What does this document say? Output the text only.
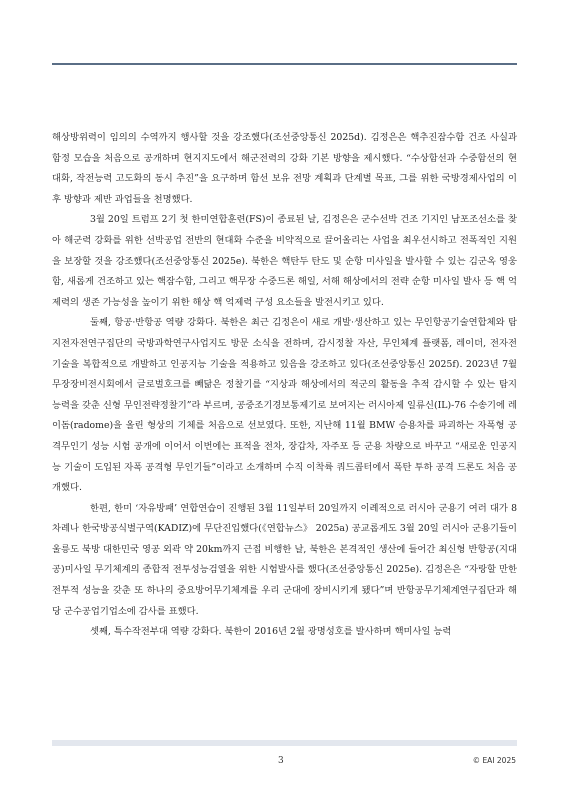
해상방위력이 임의의 수역까지 행사할 것을 강조했다(조선중앙통신 2025d). 김정은은 핵추진잠수함 건조 사실과 함정 모습을 처음으로 공개하며 현지지도에서 해군전력의 강화 기본 방향을 제시했다. “수상함선과 수중함선의 현대화, 작전능력 고도화의 동시 추진”을 요구하며 함선 보유 전망 계획과 단계별 목표, 그를 위한 국방경제사업의 이후 방향과 제반 과업들을 천명했다.

3월 20일 트럼프 2기 첫 한미연합훈련(FS)이 종료된 날, 김정은은 군수선박 건조 기지인 남포조선소를 찾아 해군력 강화를 위한 선박공업 전반의 현대화 수준을 비약적으로 끌어올리는 사업을 최우선시하고 전폭적인 지원을 보장할 것을 강조했다(조선중앙통신 2025e). 북한은 핵탄두 탄도 및 순항 미사일을 발사할 수 있는 김군옥 영웅함, 새롭게 건조하고 있는 핵잠수함, 그리고 핵무장 수중드론 해일, 서해 해상에서의 전략 순항 미사일 발사 등 핵 억제력의 생존 가능성을 높이기 위한 해상 핵 억제력 구성 요소들을 발전시키고 있다.

둘째, 항공·반항공 역량 강화다. 북한은 최근 김정은이 새로 개발·생산하고 있는 무인항공기술연합체와 탐지전자전연구집단의 국방과학연구사업지도 방문 소식을 전하며, 감시정찰 자산, 무인체계 플랫폼, 레이더, 전자전 기술을 복합적으로 개발하고 인공지능 기술을 적용하고 있음을 강조하고 있다(조선중앙통신 2025f). 2023년 7월 무장장비전시회에서 글로벌호크를 빼닮은 정찰기를 “지상과 해상에서의 적군의 활동을 추적 감시할 수 있는 탐지 능력을 갖춘 신형 무인전략정찰기”라 부르며, 공중조기경보통제기로 보여지는 러시아제 일류신(IL)-76 수송기에 레이돔(radome)을 올린 형상의 기체를 처음으로 선보였다. 또한, 지난해 11월 BMW 승용차를 파괴하는 자폭형 공격무인기 성능 시험 공개에 이어서 이번에는 표적을 전차, 장갑차, 자주포 등 군용 차량으로 바꾸고 “새로운 인공지능 기술이 도입된 자폭 공격형 무인기들”이라고 소개하며 수직 이착륙 쿼드콥터에서 폭탄 투하 공격 드론도 처음 공개했다.

한편, 한미 ‘자유방패’ 연합연습이 진행된 3월 11일부터 20일까지 이례적으로 러시아 군용기 여러 대가 8차례나 한국방공식별구역(KADIZ)에 무단진입했다(《연합뉴스》 2025a) 공교롭게도 3월 20일 러시아 군용기들이 울릉도 북방 대한민국 영공 외곽 약 20km까지 근접 비행한 날, 북한은 본격적인 생산에 들어간 최신형 반항공(지대공)미사일 무기체계의 종합적 전투성능검열을 위한 시험발사를 했다(조선중앙통신 2025e). 김정은은 “자랑할 만한 전투적 성능을 갖춘 또 하나의 중요방어무기체계를 우리 군대에 장비시키게 됐다”며 반항공무기체계연구집단과 해당 군수공업기업소에 감사를 표했다.

셋째, 특수작전부대 역량 강화다. 북한이 2016년 2월 광명성호를 발사하며 핵미사일 능력

3	© EAI 2025
